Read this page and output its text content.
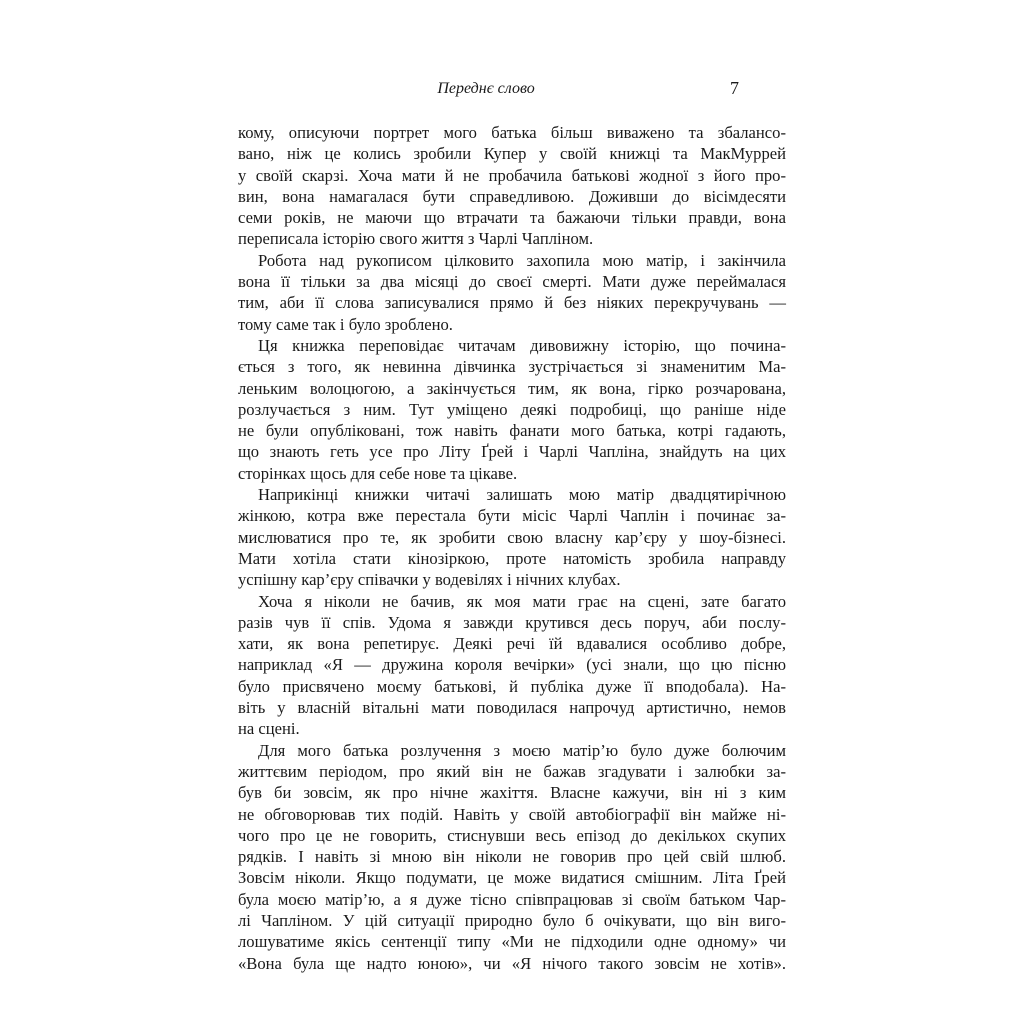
Переднє слово	7
кому, описуючи портрет мого батька більш виважено та збалансо-
вано, ніж це колись зробили Купер у своїй книжці та МакМуррей
у своїй скарзі. Хоча мати й не пробачила батькові жодної з його про-
вин, вона намагалася бути справедливою. Доживши до вісімдесяти
семи років, не маючи що втрачати та бажаючи тільки правди, вона
переписала історію свого життя з Чарлі Чапліном.
Робота над рукописом цілковито захопила мою матір, і закінчила
вона її тільки за два місяці до своєї смерті. Мати дуже переймалася
тим, аби її слова записувалися прямо й без ніяких перекручувань —
тому саме так і було зроблено.
Ця книжка переповідає читачам дивовижну історію, що почина-
ється з того, як невинна дівчинка зустрічається зі знаменитим Ма-
леньким волоцюгою, а закінчується тим, як вона, гірко розчарована,
розлучається з ним. Тут уміщено деякі подробиці, що раніше ніде
не були опубліковані, тож навіть фанати мого батька, котрі гадають,
що знають геть усе про Літу Ґрей і Чарлі Чапліна, знайдуть на цих
сторінках щось для себе нове та цікаве.
Наприкінці книжки читачі залишать мою матір двадцятирічною
жінкою, котра вже перестала бути місіс Чарлі Чаплін і починає за-
мислюватися про те, як зробити свою власну кар’єру у шоу-бізнесі.
Мати хотіла стати кінозіркою, проте натомість зробила направду
успішну кар’єру співачки у водевілях і нічних клубах.
Хоча я ніколи не бачив, як моя мати грає на сцені, зате багато
разів чув її спів. Удома я завжди крутився десь поруч, аби послу-
хати, як вона репетирує. Деякі речі їй вдавалися особливо добре,
наприклад «Я — дружина короля вечірки» (усі знали, що цю пісню
було присвячено моєму батькові, й публіка дуже її вподобала). На-
віть у власній вітальні мати поводилася напрочуд артистично, немов
на сцені.
Для мого батька розлучення з моєю матір’ю було дуже болючим
життєвим періодом, про який він не бажав згадувати і залюбки за-
був би зовсім, як про нічне жахіття. Власне кажучи, він ні з ким
не обговорював тих подій. Навіть у своїй автобіографії він майже ні-
чого про це не говорить, стиснувши весь епізод до декількох скупих
рядків. І навіть зі мною він ніколи не говорив про цей свій шлюб.
Зовсім ніколи. Якщо подумати, це може видатися смішним. Літа Ґрей
була моєю матір’ю, а я дуже тісно співпрацював зі своїм батьком Чар-
лі Чапліном. У цій ситуації природно було б очікувати, що він виго-
лошуватиме якісь сентенції типу «Ми не підходили одне одному» чи
«Вона була ще надто юною», чи «Я нічого такого зовсім не хотів».
